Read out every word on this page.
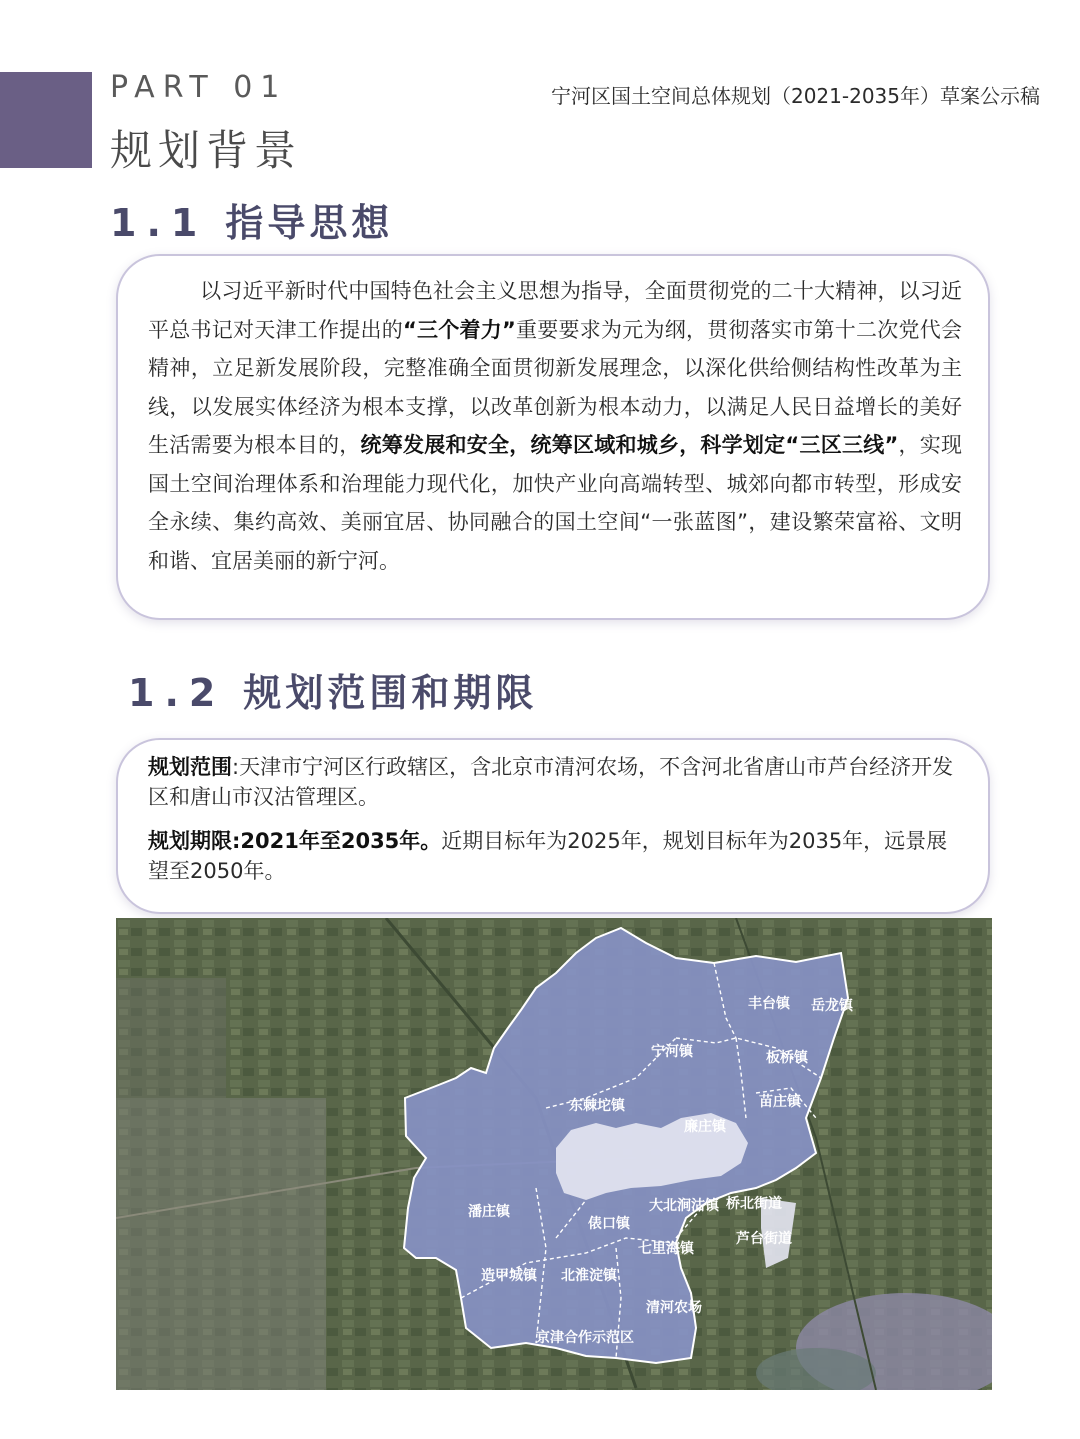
PART 01
规划背景
宁河区国土空间总体规划（2021-2035年）草案公示稿
1.1 指导思想

以习近平新时代中国特色社会主义思想为指导，全面贯彻党的二十大精神，以习近平总书记对天津工作提出的“三个着力”重要要求为元为纲，贯彻落实市第十二次党代会精神，立足新发展阶段，完整准确全面贯彻新发展理念，以深化供给侧结构性改革为主线，以发展实体经济为根本支撑，以改革创新为根本动力，以满足人民日益增长的美好生活需要为根本目的，统筹发展和安全，统筹区域和城乡，科学划定“三区三线”，实现国土空间治理体系和治理能力现代化，加快产业向高端转型、城郊向都市转型，形成安全永续、集约高效、美丽宜居、协同融合的国土空间“一张蓝图”，建设繁荣富裕、文明和谐、宜居美丽的新宁河。

1.2 规划范围和期限

规划范围:天津市宁河区行政辖区，含北京市清河农场，不含河北省唐山市芦台经济开发区和唐山市汉沽管理区。

规划期限:2021年至2035年。近期目标年为2025年，规划目标年为2035年，远景展望至2050年。

丰台镇 岳龙镇
宁河镇	板桥镇
东棘坨镇	苗庄镇
廉庄镇
大北涧沽镇 桥北街道
潘庄镇
俵口镇
芦台街道
七里海镇
造甲城镇 北淮淀镇
清河农场
京津合作示范区
